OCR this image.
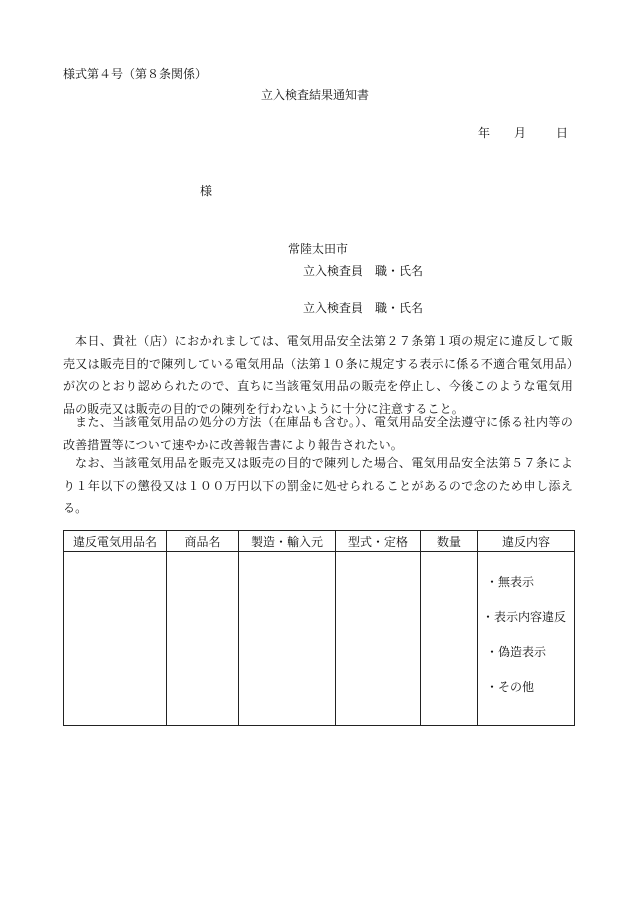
様式第４号（第８条関係）
立入検査結果通知書
年 月 日
様
常陸太田市
立入検査員　職・氏名
立入検査員　職・氏名
本日、貴社（店）におかれましては、電気用品安全法第２７条第１項の規定に違反して販売又は販売目的で陳列している電気用品（法第１０条に規定する表示に係る不適合電気用品）が次のとおり認められたので、直ちに当該電気用品の販売を停止し、今後このような電気用品の販売又は販売の目的での陳列を行わないように十分に注意すること。
また、当該電気用品の処分の方法（在庫品も含む。）、電気用品安全法遵守に係る社内等の改善措置等について速やかに改善報告書により報告されたい。
なお、当該電気用品を販売又は販売の目的で陳列した場合、電気用品安全法第５７条により１年以下の懲役又は１００万円以下の罰金に処せられることがあるので念のため申し添える。
違反電気用品名	商品名	製造・輸入元	型式・定格	数量	違反内容

					・無表示
・表示内容違反
・偽造表示
・その他
